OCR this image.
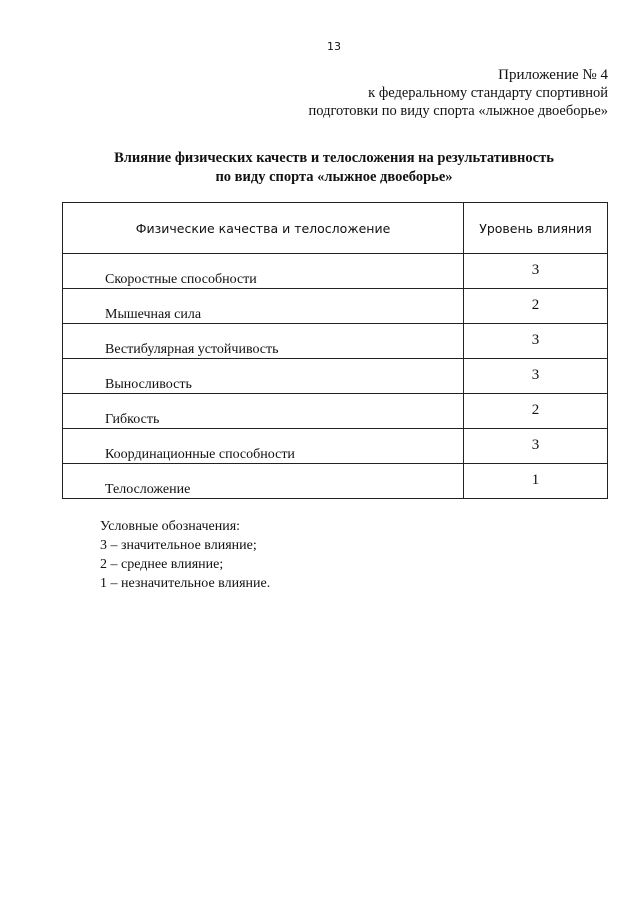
13
Приложение № 4
к федеральному стандарту спортивной
подготовки по виду спорта «лыжное двоеборье»
Влияние физических качеств и телосложения на результативность
по виду спорта «лыжное двоеборье»
Физические качества и телосложение	Уровень влияния
Скоростные способности	3
Мышечная сила	2
Вестибулярная устойчивость	3
Выносливость	3
Гибкость	2
Координационные способности	3
Телосложение	1
Условные обозначения:
3 – значительное влияние;
2 – среднее влияние;
1 – незначительное влияние.
